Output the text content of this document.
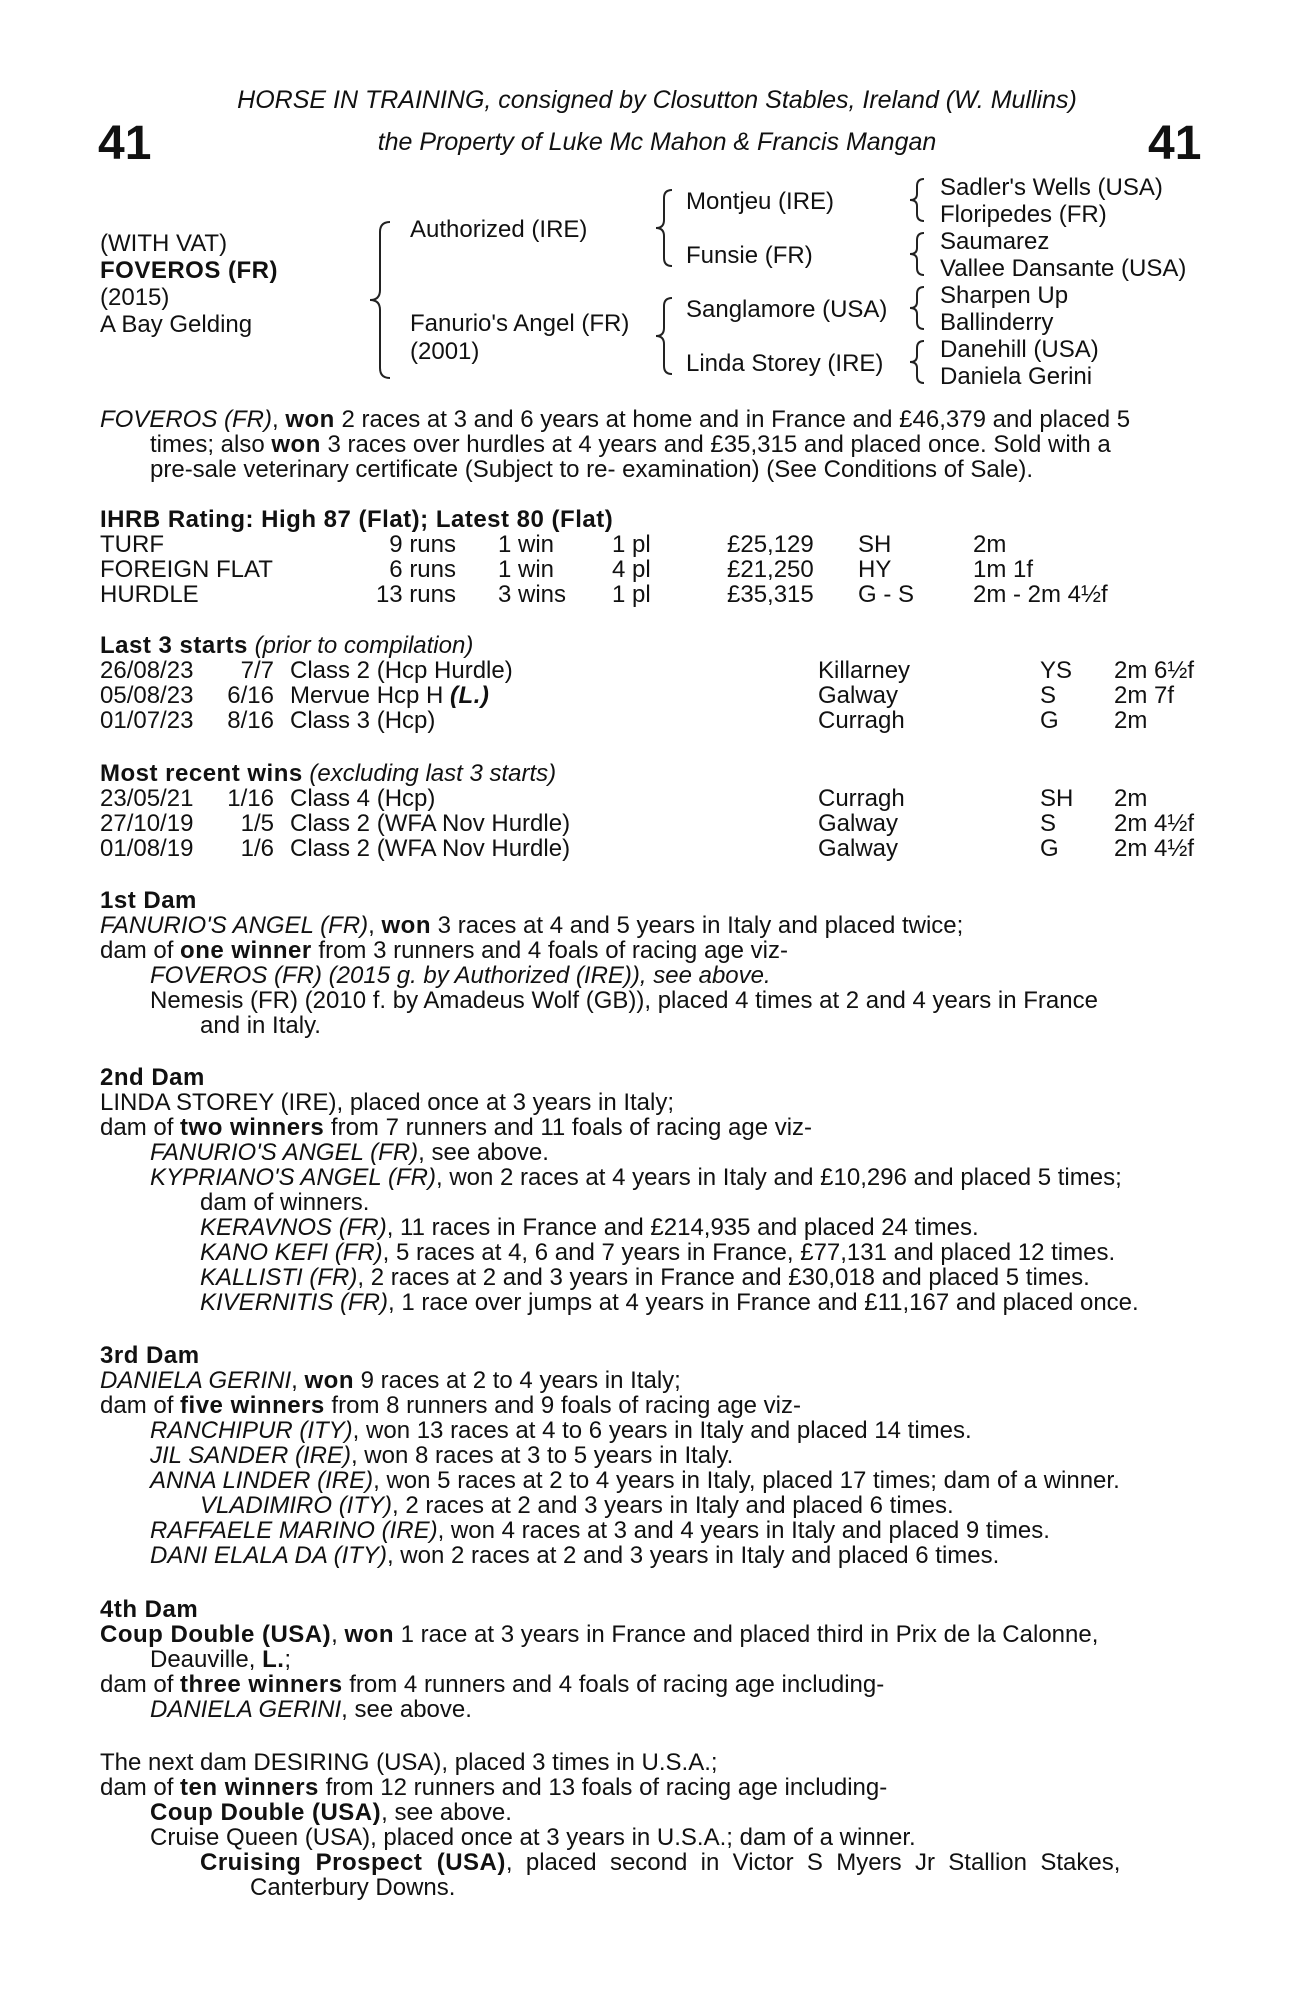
41	41
HORSE IN TRAINING, consigned by Closutton Stables, Ireland (W. Mullins)
the Property of Luke Mc Mahon & Francis Mangan
(WITH VAT)
FOVEROS (FR)
(2015)
A Bay Gelding
Authorized (IRE)
Fanurio's Angel (FR)
(2001)
Montjeu (IRE)
Funsie (FR)
Sanglamore (USA)
Linda Storey (IRE)
Sadler's Wells (USA)
Floripedes (FR)
Saumarez
Vallee Dansante (USA)
Sharpen Up
Ballinderry
Danehill (USA)
Daniela Gerini
FOVEROS (FR), won 2 races at 3 and 6 years at home and in France and £46,379 and placed 5
times; also won 3 races over hurdles at 4 years and £35,315 and placed once. Sold with a
pre-sale veterinary certificate (Subject to re- examination) (See Conditions of Sale).
IHRB Rating: High 87 (Flat); Latest 80 (Flat)
TURF	9 runs 1 win 1 pl	£25,129 SH	2m
FOREIGN FLAT	6 runs 1 win 4 pl	£21,250 HY	1m 1f
HURDLE	13 runs 3 wins 1 pl	£35,315 G - S 2m - 2m 4½f
Last 3 starts (prior to compilation)
26/08/23	7/7 Class 2 (Hcp Hurdle)	Killarney	YS 2m 6½f
05/08/23	6/16 Mervue Hcp H (L.)	Galway	S 2m 7f
01/07/23	8/16 Class 3 (Hcp)	Curragh	G 2m
Most recent wins (excluding last 3 starts)
23/05/21	1/16 Class 4 (Hcp)	Curragh	SH 2m
27/10/19	1/5 Class 2 (WFA Nov Hurdle)	Galway	S 2m 4½f
01/08/19	1/6 Class 2 (WFA Nov Hurdle)	Galway	G 2m 4½f
1st Dam
FANURIO'S ANGEL (FR), won 3 races at 4 and 5 years in Italy and placed twice;
dam of one winner from 3 runners and 4 foals of racing age viz-
FOVEROS (FR) (2015 g. by Authorized (IRE)), see above.
Nemesis (FR) (2010 f. by Amadeus Wolf (GB)), placed 4 times at 2 and 4 years in France
and in Italy.
2nd Dam
LINDA STOREY (IRE), placed once at 3 years in Italy;
dam of two winners from 7 runners and 11 foals of racing age viz-
FANURIO'S ANGEL (FR), see above.
KYPRIANO'S ANGEL (FR), won 2 races at 4 years in Italy and £10,296 and placed 5 times;
dam of winners.
KERAVNOS (FR), 11 races in France and £214,935 and placed 24 times.
KANO KEFI (FR), 5 races at 4, 6 and 7 years in France, £77,131 and placed 12 times.
KALLISTI (FR), 2 races at 2 and 3 years in France and £30,018 and placed 5 times.
KIVERNITIS (FR), 1 race over jumps at 4 years in France and £11,167 and placed once.
3rd Dam
DANIELA GERINI, won 9 races at 2 to 4 years in Italy;
dam of five winners from 8 runners and 9 foals of racing age viz-
RANCHIPUR (ITY), won 13 races at 4 to 6 years in Italy and placed 14 times.
JIL SANDER (IRE), won 8 races at 3 to 5 years in Italy.
ANNA LINDER (IRE), won 5 races at 2 to 4 years in Italy, placed 17 times; dam of a winner.
VLADIMIRO (ITY), 2 races at 2 and 3 years in Italy and placed 6 times.
RAFFAELE MARINO (IRE), won 4 races at 3 and 4 years in Italy and placed 9 times.
DANI ELALA DA (ITY), won 2 races at 2 and 3 years in Italy and placed 6 times.
4th Dam
Coup Double (USA), won 1 race at 3 years in France and placed third in Prix de la Calonne,
Deauville, L.;
dam of three winners from 4 runners and 4 foals of racing age including-
DANIELA GERINI, see above.
The next dam DESIRING (USA), placed 3 times in U.S.A.;
dam of ten winners from 12 runners and 13 foals of racing age including-
Coup Double (USA), see above.
Cruise Queen (USA), placed once at 3 years in U.S.A.; dam of a winner.
Cruising  Prospect  (USA),  placed  second  in  Victor  S  Myers  Jr  Stallion  Stakes,
Canterbury Downs.
